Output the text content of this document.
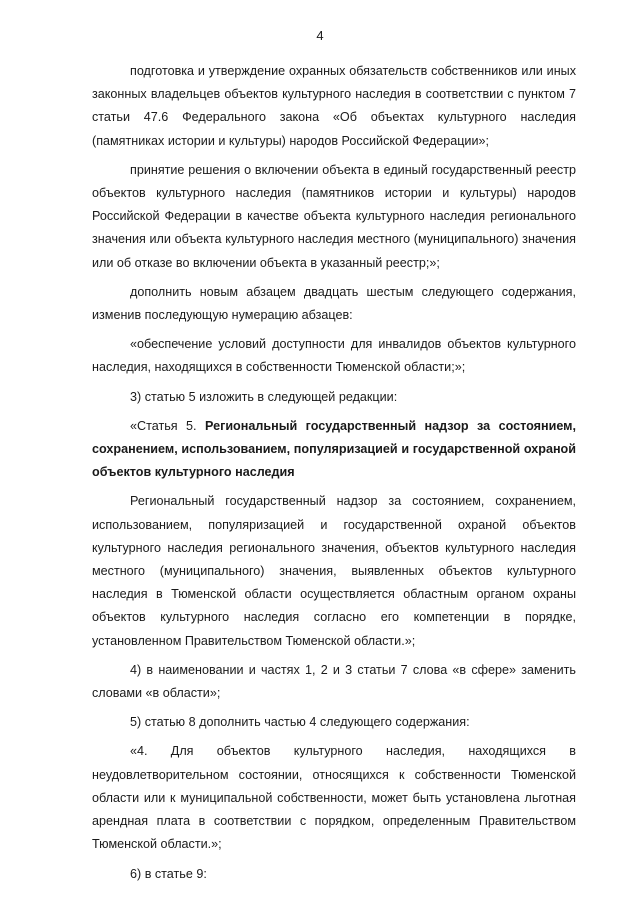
4

подготовка и утверждение охранных обязательств собственников или иных законных владельцев объектов культурного наследия в соответствии с пунктом 7 статьи 47.6 Федерального закона «Об объектах культурного наследия (памятниках истории и культуры) народов Российской Федерации»;

принятие решения о включении объекта в единый государственный реестр объектов культурного наследия (памятников истории и культуры) народов Российской Федерации в качестве объекта культурного наследия регионального значения или объекта культурного наследия местного (муниципального) значения или об отказе во включении объекта в указанный реестр;»;

дополнить новым абзацем двадцать шестым следующего содержания, изменив последующую нумерацию абзацев:

«обеспечение условий доступности для инвалидов объектов культурного наследия, находящихся в собственности Тюменской области;»;

3) статью 5 изложить в следующей редакции:

«Статья 5. Региональный государственный надзор за состоянием, сохранением, использованием, популяризацией и государственной охраной объектов культурного наследия

Региональный государственный надзор за состоянием, сохранением, использованием, популяризацией и государственной охраной объектов культурного наследия регионального значения, объектов культурного наследия местного (муниципального) значения, выявленных объектов культурного наследия в Тюменской области осуществляется областным органом охраны объектов культурного наследия согласно его компетенции в порядке, установленном Правительством Тюменской области.»;

4) в наименовании и частях 1, 2 и 3 статьи 7 слова «в сфере» заменить словами «в области»;

5) статью 8 дополнить частью 4 следующего содержания:

«4. Для объектов культурного наследия, находящихся в неудовлетворительном состоянии, относящихся к собственности Тюменской области или к муниципальной собственности, может быть установлена льготная арендная плата в соответствии с порядком, определенным Правительством Тюменской области.»;

6) в статье 9:
